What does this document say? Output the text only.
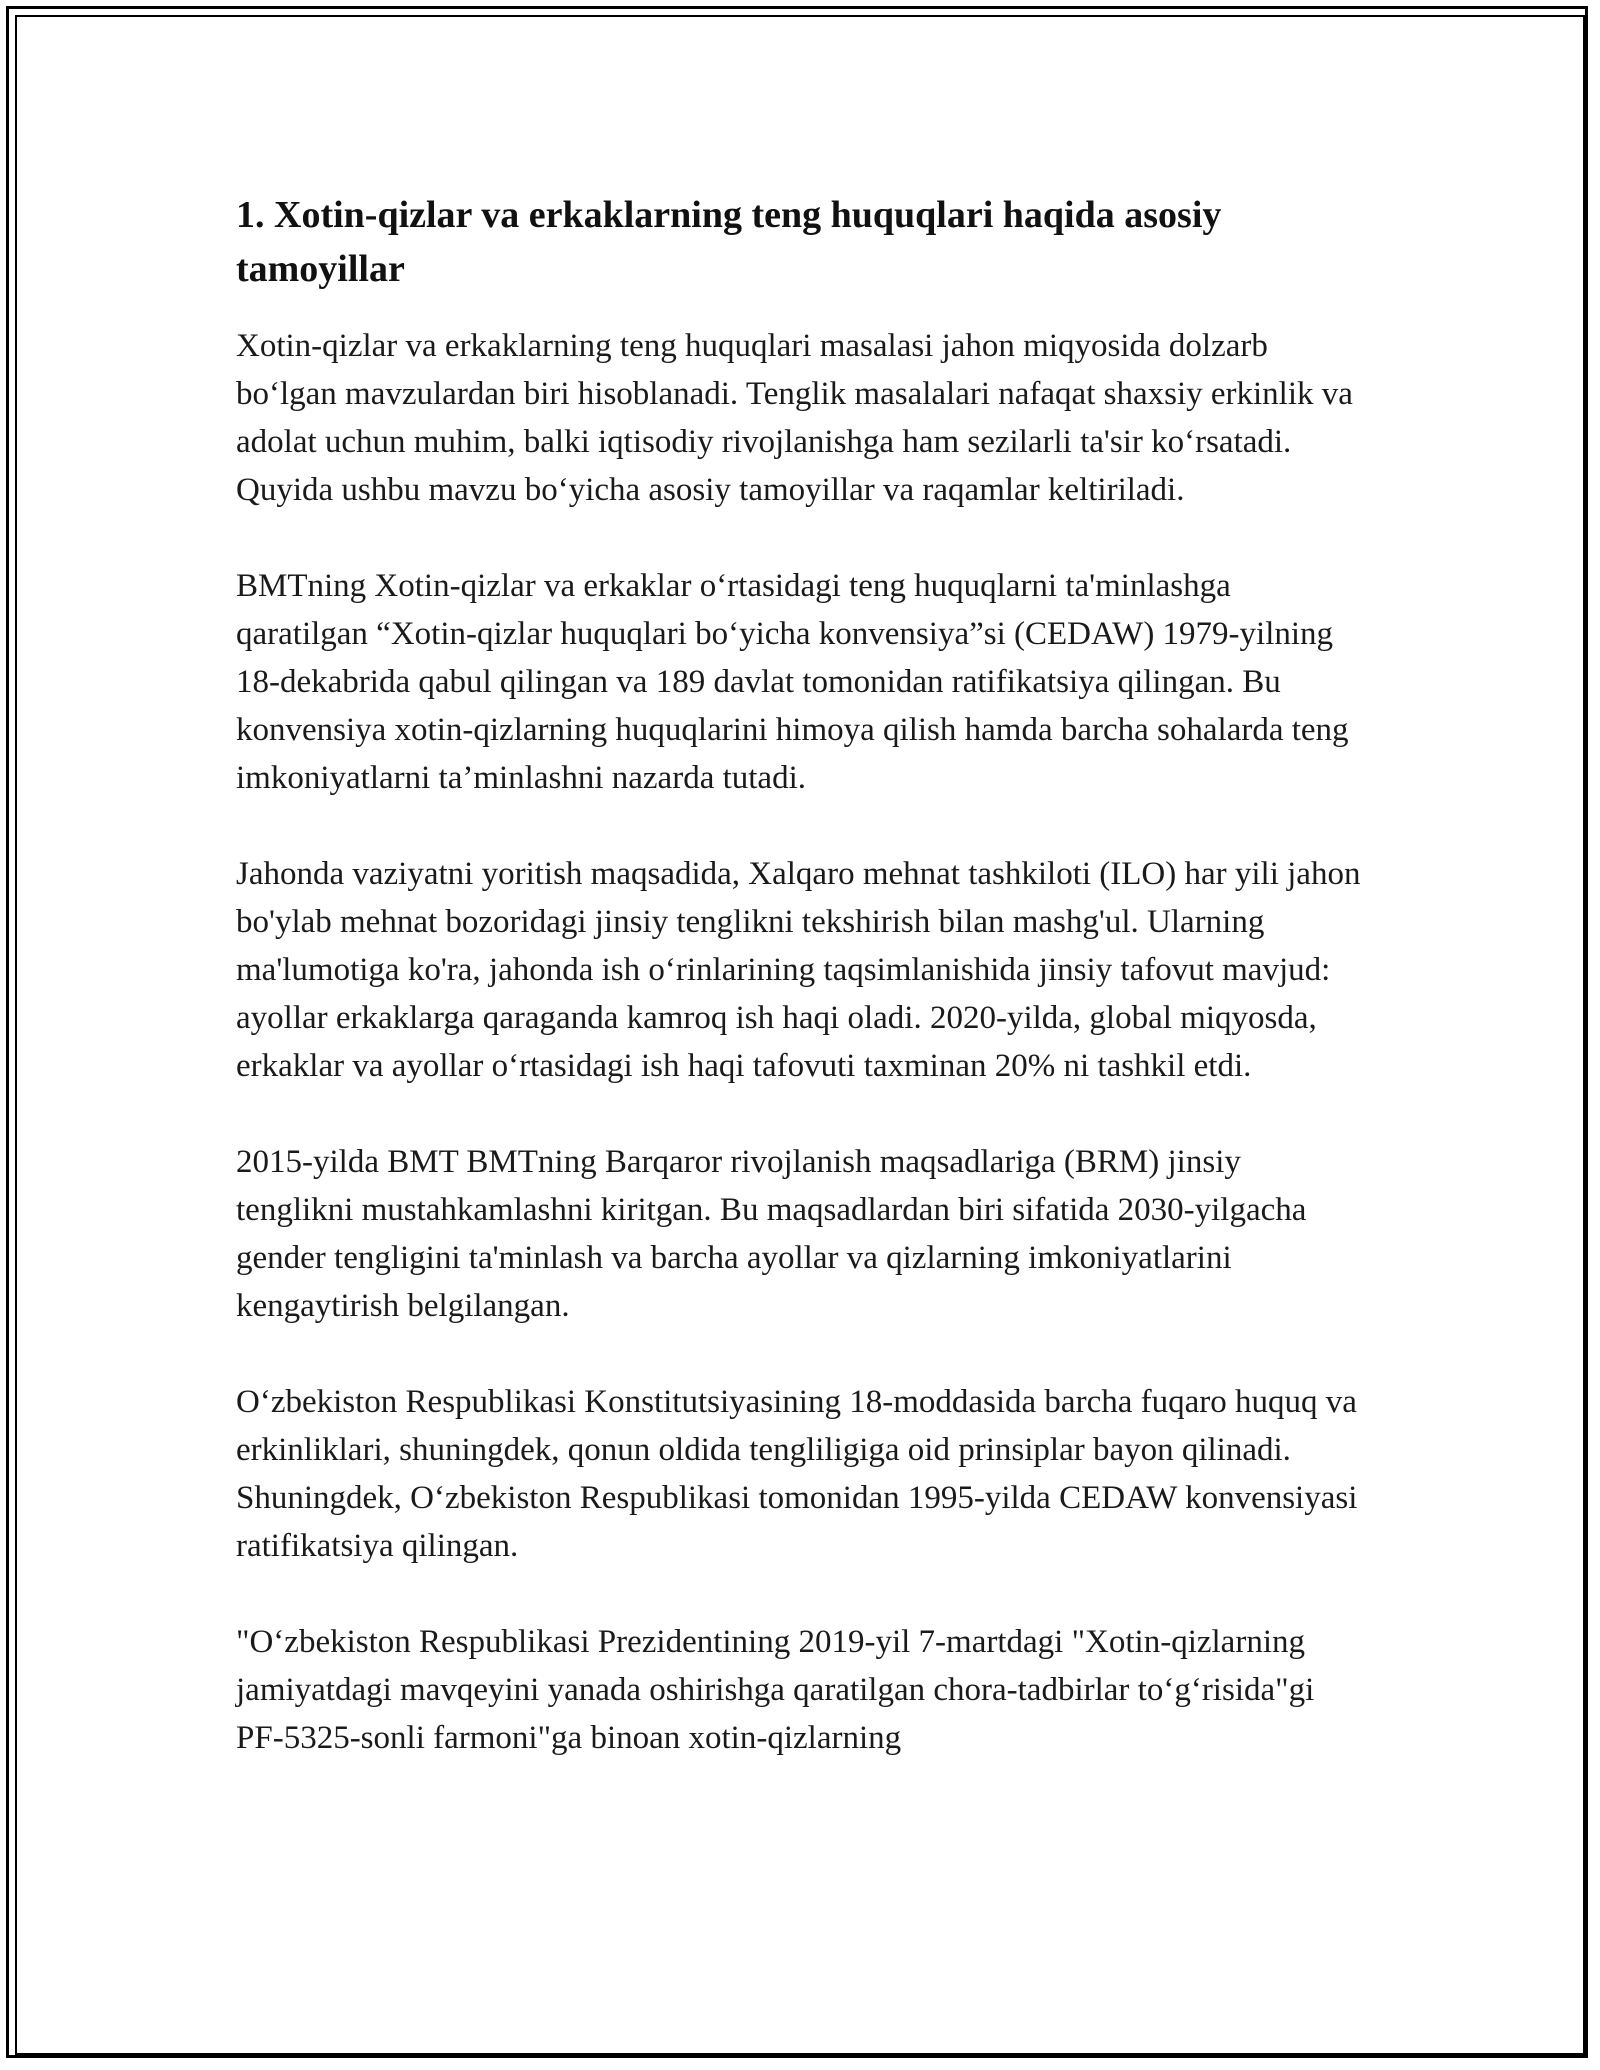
1. Xotin-qizlar va erkaklarning teng huquqlari haqida asosiy tamoyillar

Xotin-qizlar va erkaklarning teng huquqlari masalasi jahon miqyosida dolzarb bo‘lgan mavzulardan biri hisoblanadi. Tenglik masalalari nafaqat shaxsiy erkinlik va adolat uchun muhim, balki iqtisodiy rivojlanishga ham sezilarli ta'sir ko‘rsatadi. Quyida ushbu mavzu bo‘yicha asosiy tamoyillar va raqamlar keltiriladi.

BMTning Xotin-qizlar va erkaklar o‘rtasidagi teng huquqlarni ta'minlashga qaratilgan “Xotin-qizlar huquqlari bo‘yicha konvensiya”si (CEDAW) 1979-yilning 18-dekabrida qabul qilingan va 189 davlat tomonidan ratifikatsiya qilingan. Bu konvensiya xotin-qizlarning huquqlarini himoya qilish hamda barcha sohalarda teng imkoniyatlarni ta’minlashni nazarda tutadi.

Jahonda vaziyatni yoritish maqsadida, Xalqaro mehnat tashkiloti (ILO) har yili jahon bo'ylab mehnat bozoridagi jinsiy tenglikni tekshirish bilan mashg'ul. Ularning ma'lumotiga ko'ra, jahonda ish o‘rinlarining taqsimlanishida jinsiy tafovut mavjud: ayollar erkaklarga qaraganda kamroq ish haqi oladi. 2020-yilda, global miqyosda, erkaklar va ayollar o‘rtasidagi ish haqi tafovuti taxminan 20% ni tashkil etdi.

2015-yilda BMT BMTning Barqaror rivojlanish maqsadlariga (BRM) jinsiy tenglikni mustahkamlashni kiritgan. Bu maqsadlardan biri sifatida 2030-yilgacha gender tengligini ta'minlash va barcha ayollar va qizlarning imkoniyatlarini kengaytirish belgilangan.

O‘zbekiston Respublikasi Konstitutsiyasining 18-moddasida barcha fuqaro huquq va erkinliklari, shuningdek, qonun oldida tengliligiga oid prinsiplar bayon qilinadi. Shuningdek, O‘zbekiston Respublikasi tomonidan 1995-yilda CEDAW konvensiyasi ratifikatsiya qilingan.

"O‘zbekiston Respublikasi Prezidentining 2019-yil 7-martdagi "Xotin-qizlarning jamiyatdagi mavqeyini yanada oshirishga qaratilgan chora-tadbirlar to‘g‘risida"gi PF-5325-sonli farmoni"ga binoan xotin-qizlarning
